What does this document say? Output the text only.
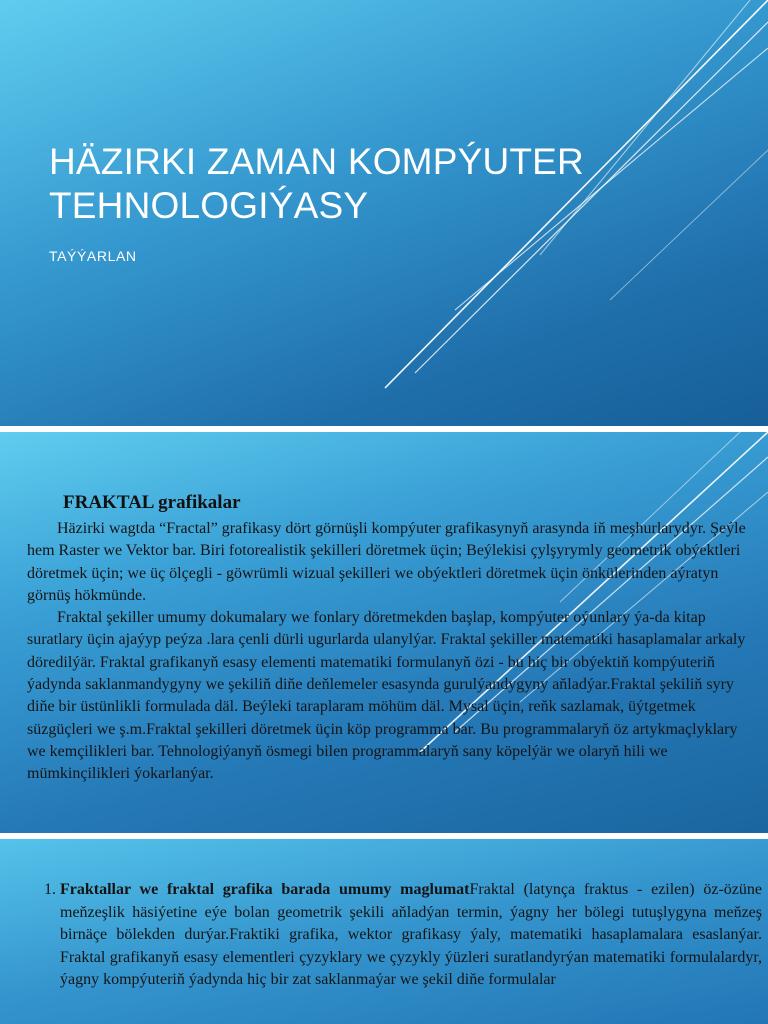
HÄZIRKI ZAMAN KOMPÝUTER
TEHNOLOGIÝASY
TAÝÝARLAN
FRAKTAL grafikalar

Häzirki wagtda “Fractal” grafikasy dört görnüşli kompýuter grafikasynyň arasynda iň meşhurlarydyr. Şeýle hem Raster we Vektor bar. Biri fotorealistik şekilleri döretmek üçin; Beýlekisi çylşyrymly geometrik obýektleri döretmek üçin; we üç ölçegli - göwrümli wizual şekilleri we obýektleri döretmek üçin önkülerinden aýratyn görnüş hökmünde.

Fraktal şekiller umumy dokumalary we fonlary döretmekden başlap, kompýuter oýunlary ýa-da kitap suratlary üçin ajaýyp peýza .lara çenli dürli ugurlarda ulanylýar. Fraktal şekiller matematiki hasaplamalar arkaly döredilýär. Fraktal grafikanyň esasy elementi matematiki formulanyň özi - bu hiç bir obýektiň kompýuteriň ýadynda saklanmandygyny we şekiliň diňe deňlemeler esasynda gurulýandygyny aňladýar.Fraktal şekiliň syry diňe bir üstünlikli formulada däl. Beýleki taraplaram möhüm däl. Mysal üçin, reňk sazlamak, üýtgetmek süzgüçleri we ş.m.Fraktal şekilleri döretmek üçin köp programma bar. Bu programmalaryň öz artykmaçlyklary we kemçilikleri bar. Tehnologiýanyň ösmegi bilen programmalaryň sany köpelýär we olaryň hili we mümkinçilikleri ýokarlanýar.

1. Fraktallar we fraktal grafika barada umumy maglumatFraktal (latynça fraktus - ezilen) öz-özüne meňzeşlik häsiýetine eýe bolan geometrik şekili aňladýan termin, ýagny her bölegi tutuşlygyna meňzeş birnäçe bölekden durýar.Fraktiki grafika, wektor grafikasy ýaly, matematiki hasaplamalara esaslanýar. Fraktal grafikanyň esasy elementleri çyzyklary we çyzykly ýüzleri suratlandyrýan matematiki formulalardyr, ýagny kompýuteriň ýadynda hiç bir zat saklanmaýar we şekil diňe formulalar
